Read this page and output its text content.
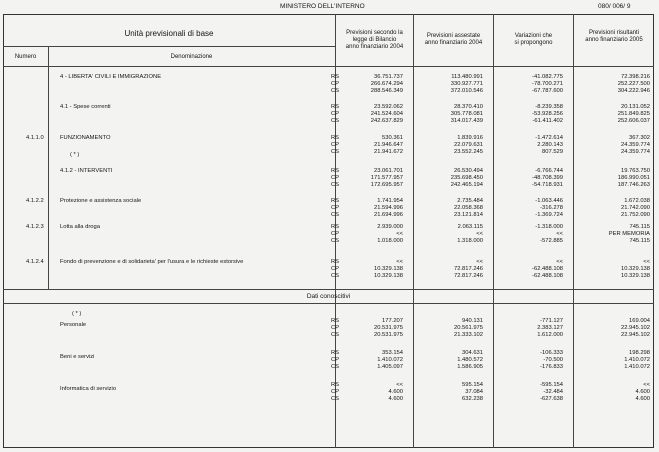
MINISTERO DELL'INTERNO	080/ 006/ 9
Unità previsionali di base
Numero	Denominazione
Previsioni secondo la
legge di Bilancio
anno finanziario 2004
Previsioni assestate
anno finanziario 2004
Variazioni che
si propongono
Previsioni risultanti
anno finanziario 2005
4 - LIBERTA' CIVILI E IMMIGRAZIONE	RS	36.751.737	113.480.991	-41.082.775	72.398.216
CP	266.674.294	330.927.771	-78.700.271	252.227.500
CS	288.546.349	372.010.546	-67.787.600	304.222.946
4.1 - Spese correnti	RS	23.592.062	28.370.410	-8.239.358	20.131.052
CP	241.524.604	305.778.081	-53.928.256	251.849.825
CS	242.637.829	314.017.439	-61.411.402	252.606.037
4.1.1.0	FUNZIONAMENTO
( * )
RS	530.361	1.839.916	-1.472.614	367.302
CP	21.946.647	22.079.631	2.280.143	24.359.774
CS	21.941.672	23.552.245	807.529	24.359.774
4.1.2 - INTERVENTI	RS	23.061.701	26.530.494	-6.766.744	19.763.750
CP	171.577.957	235.698.450	-48.708.399	186.990.051
CS	172.695.957	242.465.194	-54.718.931	187.746.263
4.1.2.2	Protezione e assistenza sociale	RS	1.741.954	2.735.484	-1.063.446	1.672.038
CP	21.594.996	22.058.368	-316.278	21.742.090
CS	21.694.996	23.121.814	-1.369.724	21.752.090
4.1.2.3	Lotta alla droga	RS	2.939.000	2.063.115	-1.318.000	745.115
CP	<<	<<	<<	PER MEMORIA
CS	1.018.000	1.318.000	-572.885	745.115
4.1.2.4	Fondo di prevenzione e di solidarieta' per l'usura e le richieste estorsive	RS	<<	<<	<<	<<
CP	10.329.138	72.817.246	-62.488.108	10.329.138
CS	10.329.138	72.817.246	-62.488.108	10.329.138
Dati conoscitivi
( * )
Personale
RS	177.207	940.131	-771.127	169.004
CP	20.531.975	20.561.975	2.383.127	22.945.102
CS	20.531.975	21.333.102	1.612.000	22.945.102
Beni e servizi
RS	353.154	304.631	-106.333	198.298
CP	1.410.072	1.480.572	-70.500	1.410.072
CS	1.405.097	1.586.905	-176.833	1.410.072
Informatica di servizio
RS	<<	595.154	-595.154	<<
CP	4.600	37.084	-32.484	4.600
CS	4.600	632.238	-627.638	4.600
